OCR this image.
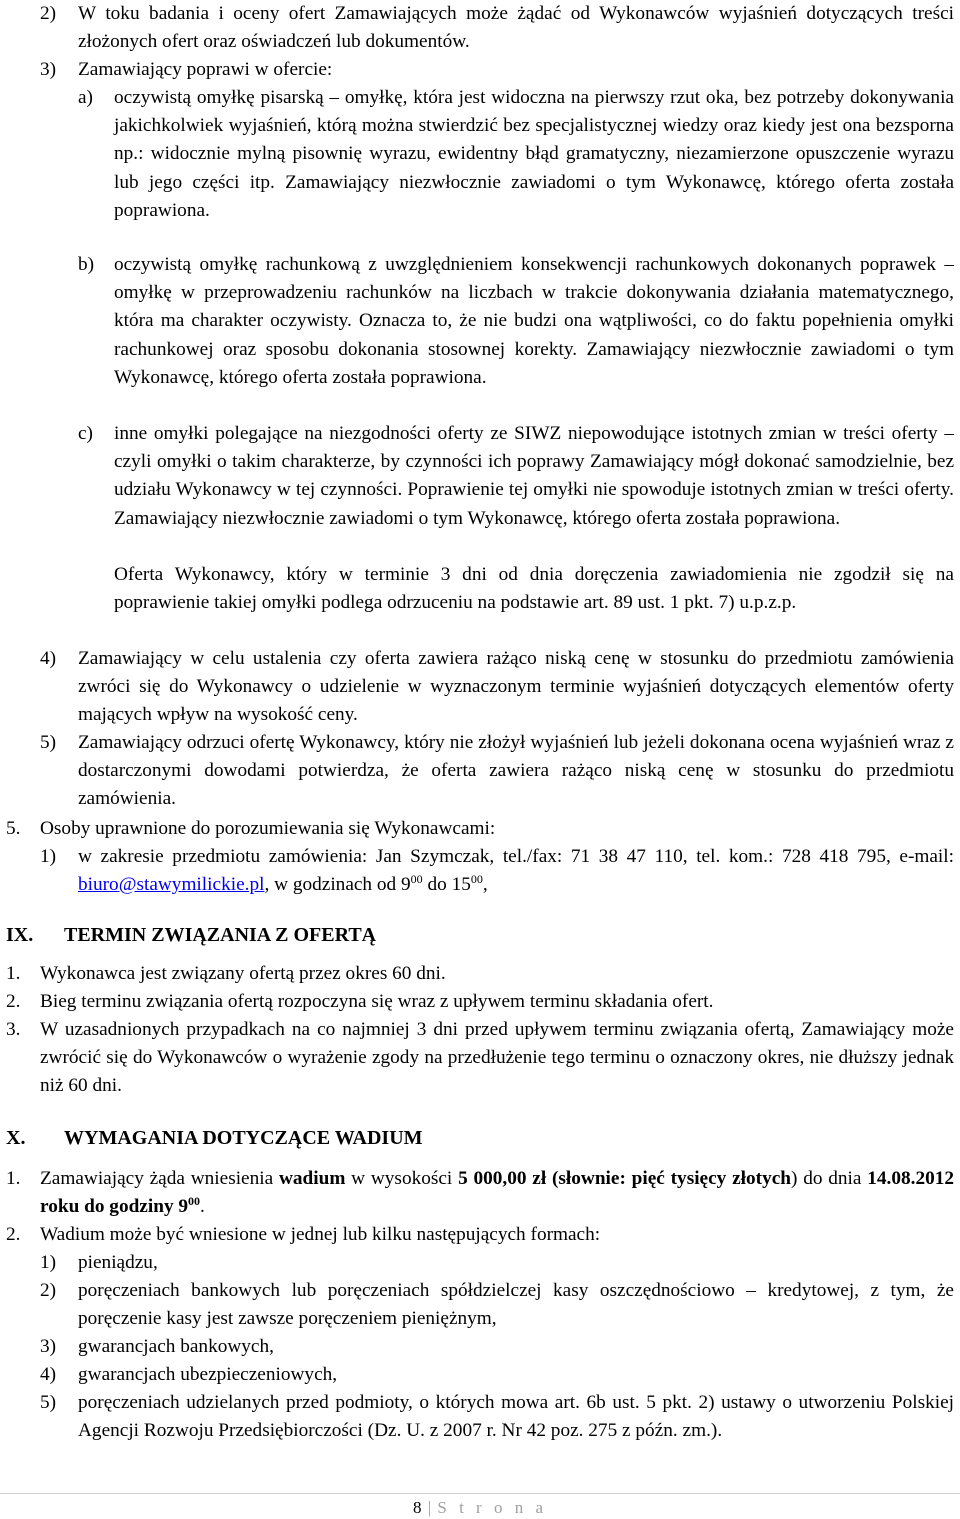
2)	W toku badania i oceny ofert Zamawiających może żądać od Wykonawców wyjaśnień dotyczących treści złożonych ofert oraz oświadczeń lub dokumentów.
3)	Zamawiający poprawi w ofercie:
a)	oczywistą omyłkę pisarską – omyłkę, która jest widoczna na pierwszy rzut oka, bez potrzeby dokonywania jakichkolwiek wyjaśnień, którą można stwierdzić bez specjalistycznej wiedzy oraz kiedy jest ona bezsporna np.: widocznie mylną pisownię wyrazu, ewidentny błąd gramatyczny, niezamierzone opuszczenie wyrazu lub jego części itp. Zamawiający niezwłocznie zawiadomi o tym Wykonawcę, którego oferta została poprawiona.
b)	oczywistą omyłkę rachunkową z uwzględnieniem konsekwencji rachunkowych dokonanych poprawek – omyłkę w przeprowadzeniu rachunków na liczbach w trakcie dokonywania działania matematycznego, która ma charakter oczywisty. Oznacza to, że nie budzi ona wątpliwości, co do faktu popełnienia omyłki rachunkowej oraz sposobu dokonania stosownej korekty. Zamawiający niezwłocznie zawiadomi o tym Wykonawcę, którego oferta została poprawiona.
c)	inne omyłki polegające na niezgodności oferty ze SIWZ niepowodujące istotnych zmian w treści oferty – czyli omyłki o takim charakterze, by czynności ich poprawy Zamawiający mógł dokonać samodzielnie, bez udziału Wykonawcy w tej czynności. Poprawienie tej omyłki nie spowoduje istotnych zmian w treści oferty. Zamawiający niezwłocznie zawiadomi o tym Wykonawcę, którego oferta została poprawiona.
Oferta Wykonawcy, który w terminie 3 dni od dnia doręczenia zawiadomienia nie zgodził się na poprawienie takiej omyłki podlega odrzuceniu na podstawie art. 89 ust. 1 pkt. 7) u.p.z.p.
4)	Zamawiający w celu ustalenia czy oferta zawiera rażąco niską cenę w stosunku do przedmiotu zamówienia zwróci się do Wykonawcy o udzielenie w wyznaczonym terminie wyjaśnień dotyczących elementów oferty mających wpływ na wysokość ceny.
5)	Zamawiający odrzuci ofertę Wykonawcy, który nie złożył wyjaśnień lub jeżeli dokonana ocena wyjaśnień wraz z dostarczonymi dowodami potwierdza, że oferta zawiera rażąco niską cenę w stosunku do przedmiotu zamówienia.
5.	Osoby uprawnione do porozumiewania się Wykonawcami:
1)	w zakresie przedmiotu zamówienia: Jan Szymczak, tel./fax: 71 38 47 110, tel. kom.: 728 418 795, e-mail: biuro@stawymilickie.pl, w godzinach od $9^{00}$ do $15^{00}$,
IX. TERMIN ZWIĄZANIA Z OFERTĄ
1.	Wykonawca jest związany ofertą przez okres 60 dni.
2.	Bieg terminu związania ofertą rozpoczyna się wraz z upływem terminu składania ofert.
3.	W uzasadnionych przypadkach na co najmniej 3 dni przed upływem terminu związania ofertą, Zamawiający może zwrócić się do Wykonawców o wyrażenie zgody na przedłużenie tego terminu o oznaczony okres, nie dłuższy jednak niż 60 dni.
X. WYMAGANIA DOTYCZĄCE WADIUM
1.	Zamawiający żąda wniesienia wadium w wysokości 5 000,00 zł (słownie: pięć tysięcy złotych) do dnia 14.08.2012 roku do godziny $9^{00}$.
2.	Wadium może być wniesione w jednej lub kilku następujących formach:
1)	pieniądzu,
2)	poręczeniach bankowych lub poręczeniach spółdzielczej kasy oszczędnościowo – kredytowej, z tym, że poręczenie kasy jest zawsze poręczeniem pieniężnym,
3)	gwarancjach bankowych,
4)	gwarancjach ubezpieczeniowych,
5)	poręczeniach udzielanych przed podmioty, o których mowa art. 6b ust. 5 pkt. 2) ustawy o utworzeniu Polskiej Agencji Rozwoju Przedsiębiorczości (Dz. U. z 2007 r. Nr 42 poz. 275 z późn. zm.).
8 | S t r o n a
